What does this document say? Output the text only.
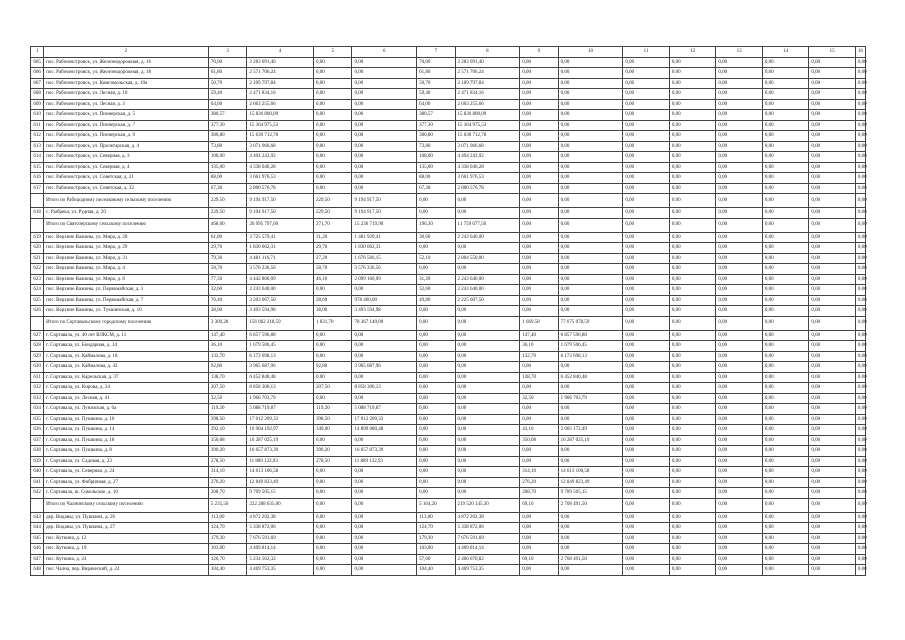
1	2	3	4	5	6	7	8	9	10	11	12	13	14	15	16
605	пос. Рабочеостровск, ул. Железнодорожная, д. 16	70,00	3 283 091,40	0,00	0,00	70,00	3 283 091,40	0,00	0,00	0,00	0,00	0,00	0,00	0,00	0,00
606	пос. Рабочеостровск, ул. Железнодорожная, д. 18	61,80	2 571 706,24	0,00	0,00	61,80	2 571 706,24	0,00	0,00	0,00	0,00	0,00	0,00	0,00	0,00
607	пос. Рабочеостровск, ул. Комсомольская, д. 10а	50,70	2 109 797,84	0,00	0,00	50,70	2 109 797,84	0,00	0,00	0,00	0,00	0,00	0,00	0,00	0,00
608	пос. Рабочеостровск, ул. Лесная, д. 10	59,40	2 471 834,16	0,00	0,00	59,40	2 471 834,16	0,00	0,00	0,00	0,00	0,00	0,00	0,00	0,00
609	пос. Рабочеостровск, ул. Лесная, д. 3	64,00	2 663 255,66	0,00	0,00	64,00	2 663 255,66	0,00	0,00	0,00	0,00	0,00	0,00	0,00	0,00
610	пос. Рабочеостровск, ул. Пионерская, д. 5	380,57	15 836 800,09	0,00	0,00	380,57	15 836 800,09	0,00	0,00	0,00	0,00	0,00	0,00	0,00	0,00
611	пос. Рабочеостровск, ул. Пионерская, д. 7	377,30	15 364 975,53	0,00	0,00	377,30	15 364 975,53	0,00	0,00	0,00	0,00	0,00	0,00	0,00	0,00
612	пос. Рабочеостровск, ул. Пионерская, д. 9	380,80	15 630 712,78	0,00	0,00	380,80	15 630 712,78	0,00	0,00	0,00	0,00	0,00	0,00	0,00	0,00
613	пос. Рабочеостровск, ул. Пролетарская, д. 4	73,80	3 071 066,68	0,00	0,00	73,80	3 071 066,68	0,00	0,00	0,00	0,00	0,00	0,00	0,00	0,00
614	пос. Рабочеостровск, ул. Северная, д. 3	108,00	4 494 243,92	0,00	0,00	108,00	4 494 243,92	0,00	0,00	0,00	0,00	0,00	0,00	0,00	0,00
615	пос. Рабочеостровск, ул. Северная, д. 4	135,00	4 338 046,28	0,00	0,00	135,00	4 338 046,28	0,00	0,00	0,00	0,00	0,00	0,00	0,00	0,00
616	пос. Рабочеостровск, ул. Советская, д. 21	88,00	3 661 976,53	0,00	0,00	88,00	3 661 976,53	0,00	0,00	0,00	0,00	0,00	0,00	0,00	0,00
617	пос. Рабочеостровск, ул. Советская, д. 32	67,30	2 800 576,78	0,00	0,00	67,30	2 800 576,78	0,00	0,00	0,00	0,00	0,00	0,00	0,00	0,00
	Итого по Рабоцодному поселковому сельскому поселению	229,50	9 194 917,50	229,50	9 194 917,50	0,00	0,00	0,00	0,00	0,00	0,00	0,00	0,00	0,00	0,00
618	с. Рыбрека, ул. Рудная, д. 20	229,50	9 194 917,50	229,50	9 194 917,50	0,00	0,00	0,00	0,00	0,00	0,00	0,00	0,00	0,00	0,00
	Итого по Святозерскому сельскому поселению	468,00	26 995 797,00	271,70	15 236 719,90	196,30	11 759 077,50	0,00	0,00	0,00	0,00	0,00	0,00	0,00	0,00
619	пос. Верхние Важины, ул. Мира, д. 20	61,80	3 725 579,41	31,20	1 481 939,41	30,60	2 243 640,00	0,00	0,00	0,00	0,00	0,00	0,00	0,00	0,00
620	пос. Верхние Важины, ул. Мира, д. 29	29,70	1 830 662,31	29,70	1 830 662,31	0,00	0,00	0,00	0,00	0,00	0,00	0,00	0,00	0,00	0,00
621	пос. Верхние Важины, ул. Мира, д. 31	79,30	4 481 116,71	27,20	1 676 566,15	52,10	2 804 550,00	0,00	0,00	0,00	0,00	0,00	0,00	0,00	0,00
622	пос. Верхние Важины, ул. Мира, д. 4	58,70	3 576 336,56	58,70	3 576 336,56	0,00	0,00	0,00	0,00	0,00	0,00	0,00	0,00	0,00	0,00
623	пос. Верхние Важины, ул. Мира, д. 8	77,50	4 442 800,09	46,10	2 099 160,09	31,20	2 243 640,00	0,00	0,00	0,00	0,00	0,00	0,00	0,00	0,00
624	пос. Верхние Важины, ул. Первомайская, д. 3	32,60	2 243 640,00	0,00	0,00	32,60	2 243 640,00	0,00	0,00	0,00	0,00	0,00	0,00	0,00	0,00
625	пос. Верхние Важины, ул. Первомайская, д. 7	70,40	3 203 067,50	28,60	978 460,00	49,80	2 225 607,50	0,00	0,00	0,00	0,00	0,00	0,00	0,00	0,00
626	пос. Верхние Важины, ул. Тукшинская, д. 10	38,00	3 493 594,98	38,00	3 493 594,98	0,00	0,00	0,00	0,00	0,00	0,00	0,00	0,00	0,00	0,00
	Итого по Сортавальскому городскому поселению	3 309,28	156 062 218,59	1 831,70	78 367 140,00	0,00	0,00	1 669,58	77 675 078,59	0,00	0,00	0,00	0,00	0,00	0,00
627	г. Сортавала, ул. 40 лет ВЛКСМ, д. 11	147,40	6 857 596,88	0,00	0,00	0,00	0,00	147,40	6 857 596,88	0,00	0,00	0,00	0,00	0,00	0,00
628	г. Сортавала, ул. Бондарная, д. 34	36,10	1 679 506,45	0,00	0,00	0,00	0,00	36,10	1 679 506,45	0,00	0,00	0,00	0,00	0,00	0,00
629	г. Сортавала, ул. Каймалова, д. 18	132,70	6 173 698,13	0,00	0,00	0,00	0,00	132,70	6 173 698,13	0,00	0,00	0,00	0,00	0,00	0,00
630	г. Сортавала, ул. Каймалова, д. 42	92,80	3 965 687,96	92,80	3 965 687,96	0,00	0,00	0,00	0,00	0,00	0,00	0,00	0,00	0,00	0,00
631	г. Сортавала, ул. Карельская, д. 37	138,70	6 452 840,48	0,00	0,00	0,00	0,00	138,70	6 452 840,48	0,00	0,00	0,00	0,00	0,00	0,00
632	г. Сортавала, ул. Кирова, д. 24	207,50	8 858 300,13	207,50	8 858 300,13	0,00	0,00	0,00	0,00	0,00	0,00	0,00	0,00	0,00	0,00
633	г. Сортавала, ул. Лесная, д. 41	32,50	1 966 703,79	0,00	0,00	0,00	0,00	32,50	1 966 703,79	0,00	0,00	0,00	0,00	0,00	0,00
634	г. Сортавала, ул. Луначская, д. 6а	119,20	5 088 719,87	119,20	5 088 719,87	0,00	0,00	0,00	0,00	0,00	0,00	0,00	0,00	0,00	0,00
635	г. Сортавала, ул. Пушкина, д. 10	398,50	17 012 209,33	398,50	17 012 209,33	0,00	0,00	0,00	0,00	0,00	0,00	0,00	0,00	0,00	0,00
636	г. Сортавала, ул. Пушкина, д. 14	392,10	16 904 192,97	349,00	14 899 080,48	0,00	0,00	43,10	2 005 172,49	0,00	0,00	0,00	0,00	0,00	0,00
637	г. Сортавала, ул. Пушкина, д. 18	350,08	16 287 025,19	0,00	0,00	0,00	0,00	350,08	16 287 025,19	0,00	0,00	0,00	0,00	0,00	0,00
638	г. Сортавала, ул. Пушкина, д. 8	390,20	16 657 873,39	390,20	16 657 873,39	0,00	0,00	0,00	0,00	0,00	0,00	0,00	0,00	0,00	0,00
639	г. Сортавала, ул. Садовая, д. 23	278,50	11 889 132,93	278,50	11 889 132,93	0,00	0,00	0,00	0,00	0,00	0,00	0,00	0,00	0,00	0,00
640	г. Сортавала, ул. Северная, д. 24	314,10	14 613 106,58	0,00	0,00	0,00	0,00	314,10	14 613 106,58	0,00	0,00	0,00	0,00	0,00	0,00
641	г. Сортавала, ул. Фабричная, д. 27	276,20	12 849 823,49	0,00	0,00	0,00	0,00	276,20	12 849 823,49	0,00	0,00	0,00	0,00	0,00	0,00
642	г. Сортавала, ш. Сокольское, д. 10	208,70	9 709 505,15	0,00	0,00	0,00	0,00	208,70	9 709 505,15	0,00	0,00	0,00	0,00	0,00	0,00
	Итого по Чалнинскому сельскому поселению	5 235,50	222 288 635,00	0,00	0,00	5 164,20	219 520 145,30	69,10	2 768 491,50	0,00	0,00	0,00	0,00	0,00	0,00
643	дер. Виданы, ул. Пушкина, д. 26	113,00	4 872 202,38	0,00	0,00	113,00	4 872 202,38	0,00	0,00	0,00	0,00	0,00	0,00	0,00	0,00
644	дер. Виданы, ул. Пушкина, д. 27	124,70	5 338 872,06	0,00	0,00	124,70	5 338 872,06	0,00	0,00	0,00	0,00	0,00	0,00	0,00	0,00
645	пос. Куткина, д. 12	179,30	7 676 591,69	0,00	0,00	179,30	7 676 591,69	0,00	0,00	0,00	0,00	0,00	0,00	0,00	0,00
646	пос. Куткина, д. 19	103,00	4 409 814,14	0,00	0,00	103,00	4 409 814,14	0,00	0,00	0,00	0,00	0,00	0,00	0,00	0,00
647	пос. Куткина, д. 24	126,70	5 234 562,32	0,00	0,00	57,60	2 466 070,82	69,10	2 768 491,50	0,00	0,00	0,00	0,00	0,00	0,00
648	пос. Чална, пер. Вираческий, д. 24	104,40	4 469 753,35	0,00	0,00	104,40	4 469 753,35	0,00	0,00	0,00	0,00	0,00	0,00	0,00	0,00
